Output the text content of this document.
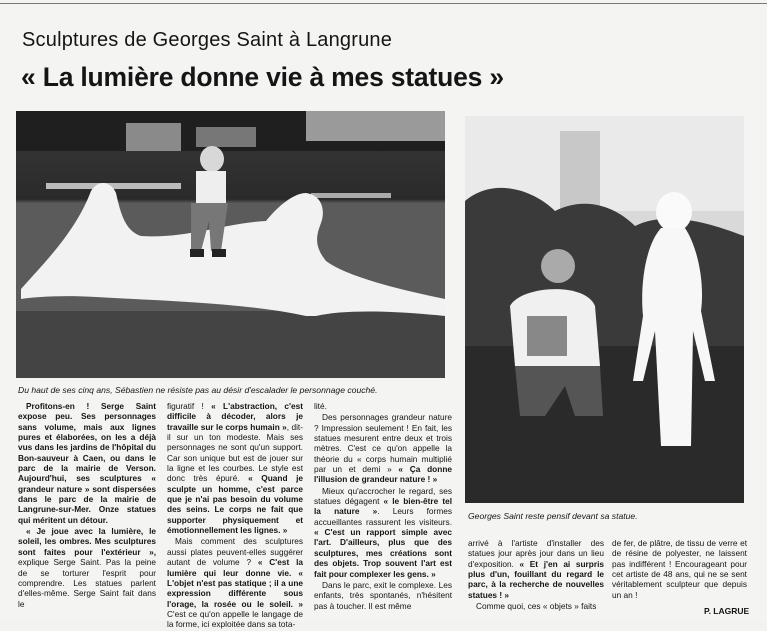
Sculptures de Georges Saint à Langrune
« La lumière donne vie à mes statues »
Du haut de ses cinq ans, Sébastien ne résiste pas au désir d'escalader le personnage couché.
Georges Saint reste pensif devant sa statue.

Profitons-en ! Serge Saint expose peu. Ses personnages sans volume, mais aux lignes pures et élaborées, on les a déjà vus dans les jardins de l'hôpital du Bon-sauveur à Caen, ou dans le parc de la mairie de Verson. Aujourd'hui, ses sculptures « grandeur nature » sont dispersées dans le parc de la mairie de Langrune-sur-Mer. Onze statues qui méritent un détour.

« Je joue avec la lumière, le soleil, les ombres. Mes sculptures sont faites pour l'extérieur », explique Serge Saint. Pas la peine de se torturer l'esprit pour comprendre. Les statues parlent d'elles-même. Serge Saint fait dans le

figuratif ! « L'abstraction, c'est difficile à décoder, alors je travaille sur le corps humain », dit-il sur un ton modeste. Mais ses personnages ne sont qu'un support. Car son unique but est de jouer sur la ligne et les courbes. Le style est donc très épuré. « Quand je sculpte un homme, c'est parce que je n'ai pas besoin du volume des seins. Le corps ne fait que supporter physiquement et émotionnellement les lignes. »

Mais comment des sculptures aussi plates peuvent-elles suggérer autant de volume ? « C'est la lumière qui leur donne vie. « L'objet n'est pas statique ; il a une expression différente sous l'orage, la rosée ou le soleil. » C'est ce qu'on appelle le langage de la forme, ici exploitée dans sa tota-

lité.

Des personnages grandeur nature ? Impression seulement ! En fait, les statues mesurent entre deux et trois mètres. C'est ce qu'on appelle la théorie du « corps humain multiplié par un et demi » « Ça donne l'illusion de grandeur nature ! »

Mieux qu'accrocher le regard, ses statues dégagent « le bien-être tel la nature ». Leurs formes accueillantes rassurent les visiteurs. « C'est un rapport simple avec l'art. D'ailleurs, plus que des sculptures, mes créations sont des objets. Trop souvent l'art est fait pour complexer les gens. »

Dans le parc, exit le complexe. Les enfants, très spontanés, n'hésitent pas à toucher. Il est même

arrivé à l'artiste d'installer des statues jour après jour dans un lieu d'exposition. « Et j'en ai surpris plus d'un, fouillant du regard le parc, à la recherche de nouvelles statues ! »

Comme quoi, ces « objets » faits

de fer, de plâtre, de tissu de verre et de résine de polyester, ne laissent pas indifférent ! Encourageant pour cet artiste de 48 ans, qui ne se sent véritablement sculpteur que depuis un an !

P. LAGRUE
